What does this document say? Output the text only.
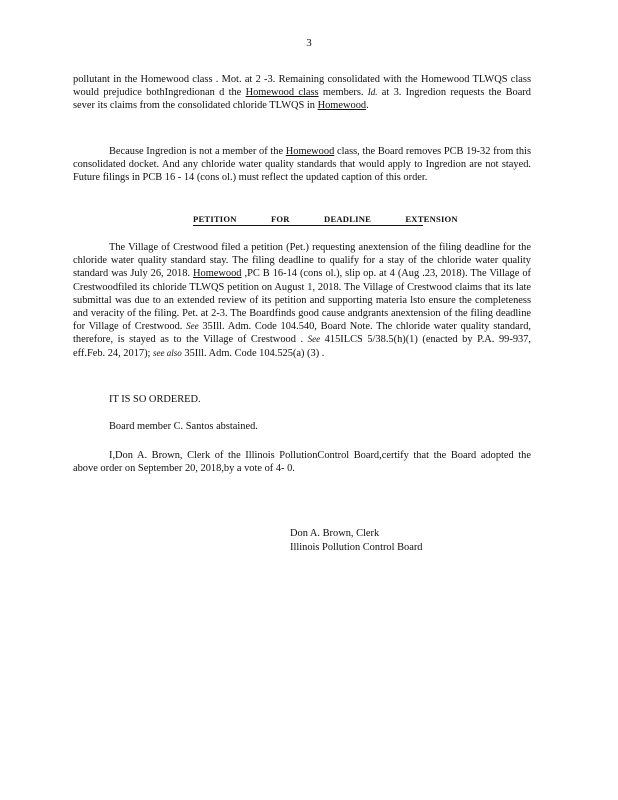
3

pollutant in the Homewood class . Mot. at 2 -3. Remaining consolidated with the Homewood TLWQS class would prejudice bothIngredionan d the Homewood class members. Id. at 3. Ingredion requests the Board sever its claims from the consolidated chloride TLWQS in Homewood.

Because Ingredion is not a member of the Homewood class, the Board removes PCB 19-32 from this consolidated docket. And any chloride water quality standards that would apply to Ingredion are not stayed. Future filings in PCB 16 - 14 (cons ol.) must reflect the updated caption of this order.

PETITION FOR DEADLINE EXTENSION

The Village of Crestwood filed a petition (Pet.) requesting anextension of the filing deadline for the chloride water quality standard stay. The filing deadline to qualify for a stay of the chloride water quality standard was July 26, 2018. Homewood ,PC B 16-14 (cons ol.), slip op. at 4 (Aug .23, 2018). The Village of Crestwoodfiled its chloride TLWQS petition on August 1, 2018. The Village of Crestwood claims that its late submittal was due to an extended review of its petition and supporting materia lsto ensure the completeness and veracity of the filing. Pet. at 2-3. The Boardfinds good cause andgrants anextension of the filing deadline for Village of Crestwood. See 35Ill. Adm. Code 104.540, Board Note. The chloride water quality standard, therefore, is stayed as to the Village of Crestwood . See 415ILCS 5/38.5(h)(1) (enacted by P.A. 99-937, eff.Feb. 24, 2017); see also 35Ill. Adm. Code 104.525(a) (3) .

IT IS SO ORDERED.
Board member C. Santos abstained.

I,Don A. Brown, Clerk of the Illinois PollutionControl Board,certify that the Board adopted the above order on September 20, 2018,by a vote of 4- 0.

Don A. Brown, Clerk
Illinois Pollution Control Board
